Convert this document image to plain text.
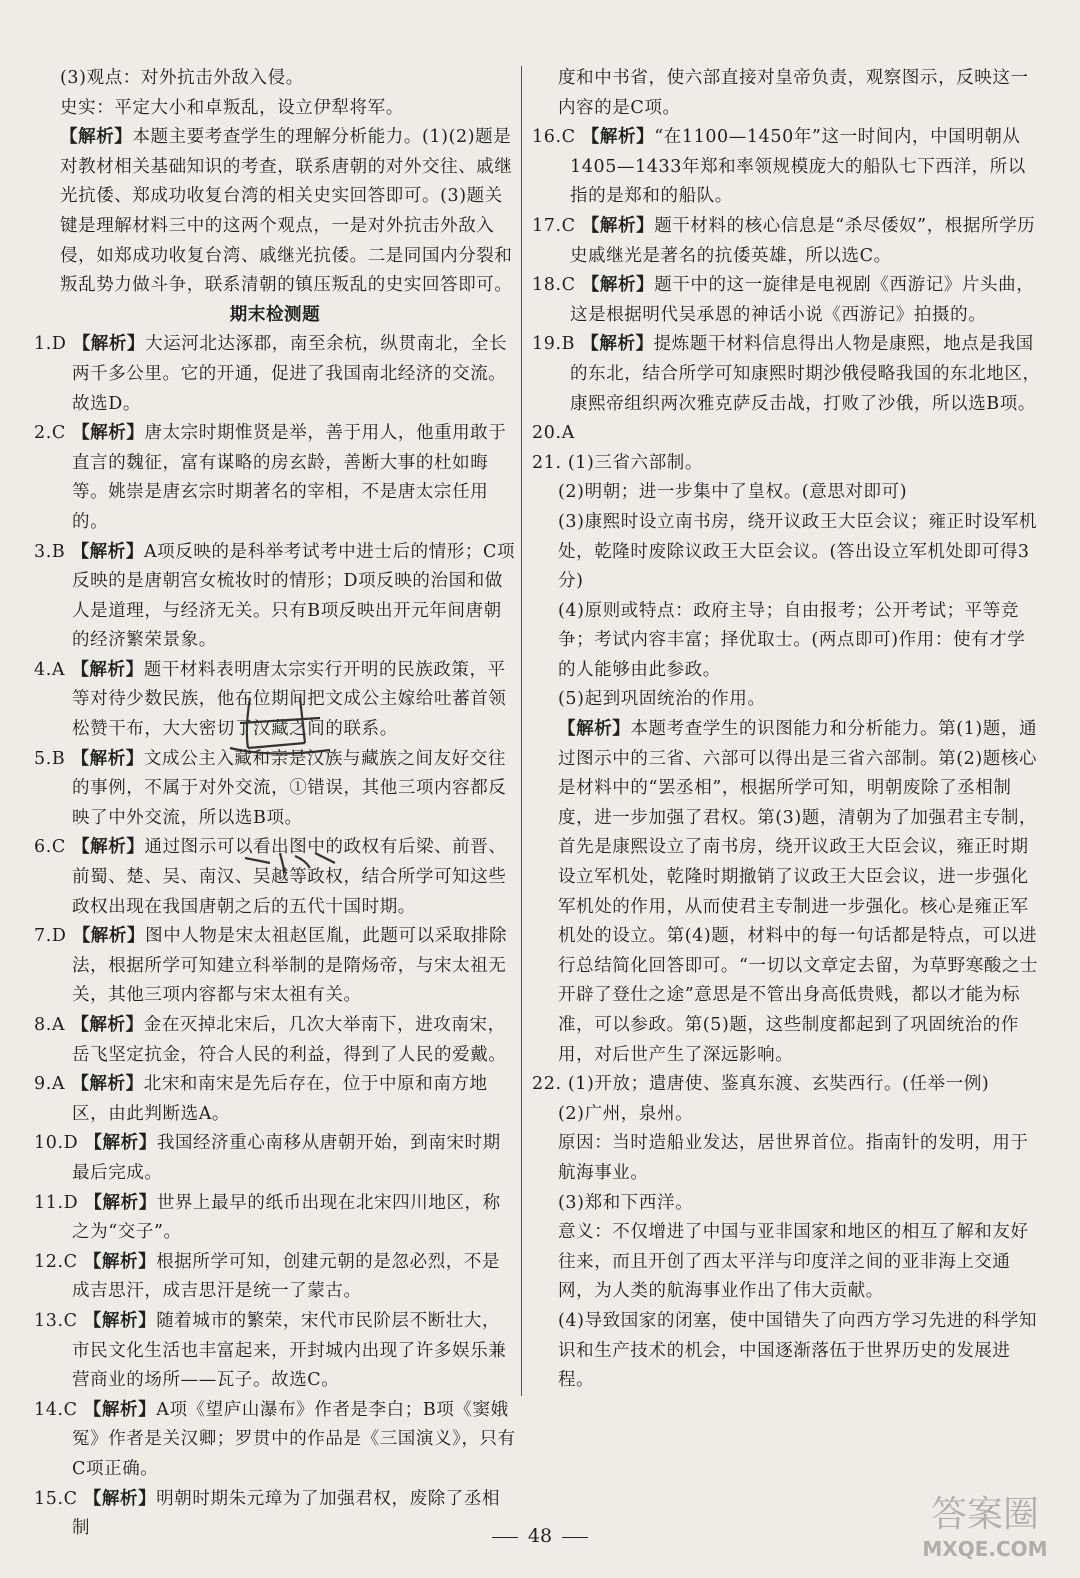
(3)观点：对外抗击外敌入侵。

史实：平定大小和卓叛乱，设立伊犁将军。

【解析】本题主要考查学生的理解分析能力。(1)(2)题是对教材相关基础知识的考查，联系唐朝的对外交往、戚继光抗倭、郑成功收复台湾的相关史实回答即可。(3)题关键是理解材料三中的这两个观点，一是对外抗击外敌入侵，如郑成功收复台湾、戚继光抗倭。二是同国内分裂和叛乱势力做斗争，联系清朝的镇压叛乱的史实回答即可。

期末检测题

1.D 【解析】大运河北达涿郡，南至余杭，纵贯南北，全长两千多公里。它的开通，促进了我国南北经济的交流。故选D。

2.C 【解析】唐太宗时期惟贤是举，善于用人，他重用敢于直言的魏征，富有谋略的房玄龄，善断大事的杜如晦等。姚崇是唐玄宗时期著名的宰相，不是唐太宗任用的。

3.B 【解析】A项反映的是科举考试考中进士后的情形；C项反映的是唐朝宫女梳妆时的情形；D项反映的治国和做人是道理，与经济无关。只有B项反映出开元年间唐朝的经济繁荣景象。

4.A 【解析】题干材料表明唐太宗实行开明的民族政策，平等对待少数民族，他在位期间把文成公主嫁给吐蕃首领松赞干布，大大密切了汉藏之间的联系。

5.B 【解析】文成公主入藏和亲是汉族与藏族之间友好交往的事例，不属于对外交流，①错误，其他三项内容都反映了中外交流，所以选B项。

6.C 【解析】通过图示可以看出图中的政权有后梁、前晋、前蜀、楚、吴、南汉、吴越等政权，结合所学可知这些政权出现在我国唐朝之后的五代十国时期。

7.D 【解析】图中人物是宋太祖赵匡胤，此题可以采取排除法，根据所学可知建立科举制的是隋炀帝，与宋太祖无关，其他三项内容都与宋太祖有关。

8.A 【解析】金在灭掉北宋后，几次大举南下，进攻南宋，岳飞坚定抗金，符合人民的利益，得到了人民的爱戴。

9.A 【解析】北宋和南宋是先后存在，位于中原和南方地区，由此判断选A。

10.D 【解析】我国经济重心南移从唐朝开始，到南宋时期最后完成。

11.D 【解析】世界上最早的纸币出现在北宋四川地区，称之为“交子”。

12.C 【解析】根据所学可知，创建元朝的是忽必烈，不是成吉思汗，成吉思汗是统一了蒙古。

13.C 【解析】随着城市的繁荣，宋代市民阶层不断壮大，市民文化生活也丰富起来，开封城内出现了许多娱乐兼营商业的场所——瓦子。故选C。

14.C 【解析】A项《望庐山瀑布》作者是李白；B项《窦娥冤》作者是关汉卿；罗贯中的作品是《三国演义》，只有C项正确。

15.C 【解析】明朝时期朱元璋为了加强君权，废除了丞相制

度和中书省，使六部直接对皇帝负责，观察图示，反映这一内容的是C项。

16.C 【解析】“在1100—1450年”这一时间内，中国明朝从1405—1433年郑和率领规模庞大的船队七下西洋，所以指的是郑和的船队。

17.C 【解析】题干材料的核心信息是“杀尽倭奴”，根据所学历史戚继光是著名的抗倭英雄，所以选C。

18.C 【解析】题干中的这一旋律是电视剧《西游记》片头曲，这是根据明代吴承恩的神话小说《西游记》拍摄的。

19.B 【解析】提炼题干材料信息得出人物是康熙，地点是我国的东北，结合所学可知康熙时期沙俄侵略我国的东北地区，康熙帝组织两次雅克萨反击战，打败了沙俄，所以选B项。

20.A

21. (1)三省六部制。

(2)明朝；进一步集中了皇权。(意思对即可)

(3)康熙时设立南书房，绕开议政王大臣会议；雍正时设军机处，乾隆时废除议政王大臣会议。(答出设立军机处即可得3分)

(4)原则或特点：政府主导；自由报考；公开考试；平等竞争；考试内容丰富；择优取士。(两点即可)作用：使有才学的人能够由此参政。

(5)起到巩固统治的作用。

【解析】本题考查学生的识图能力和分析能力。第(1)题，通过图示中的三省、六部可以得出是三省六部制。第(2)题核心是材料中的“罢丞相”，根据所学可知，明朝废除了丞相制度，进一步加强了君权。第(3)题，清朝为了加强君主专制，首先是康熙设立了南书房，绕开议政王大臣会议，雍正时期设立军机处，乾隆时期撤销了议政王大臣会议，进一步强化军机处的作用，从而使君主专制进一步强化。核心是雍正军机处的设立。第(4)题，材料中的每一句话都是特点，可以进行总结简化回答即可。“一切以文章定去留，为草野寒酸之士开辟了登仕之途”意思是不管出身高低贵贱，都以才能为标准，可以参政。第(5)题，这些制度都起到了巩固统治的作用，对后世产生了深远影响。

22. (1)开放；遣唐使、鉴真东渡、玄奘西行。(任举一例)

(2)广州，泉州。

原因：当时造船业发达，居世界首位。指南针的发明，用于航海事业。

(3)郑和下西洋。

意义：不仅增进了中国与亚非国家和地区的相互了解和友好往来，而且开创了西太平洋与印度洋之间的亚非海上交通网，为人类的航海事业作出了伟大贡献。

(4)导致国家的闭塞，使中国错失了向西方学习先进的科学知识和生产技术的机会，中国逐渐落伍于世界历史的发展进程。

48
答案圈
MXQE.COM
